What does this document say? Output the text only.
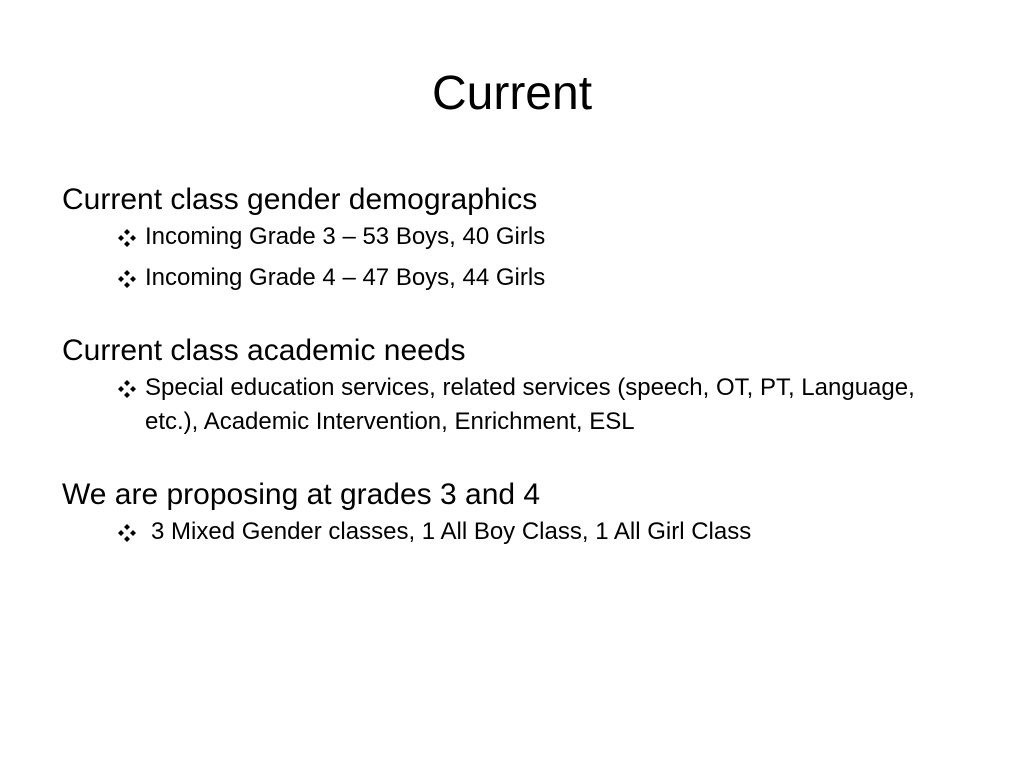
Current

Current class gender demographics

Incoming Grade 3 – 53 Boys, 40 Girls
Incoming Grade 4 – 47 Boys, 44 Girls

Current class academic needs

Special education services, related services (speech, OT, PT, Language, etc.), Academic Intervention, Enrichment, ESL

We are proposing at grades 3 and 4

3 Mixed Gender classes, 1 All Boy Class, 1 All Girl Class
